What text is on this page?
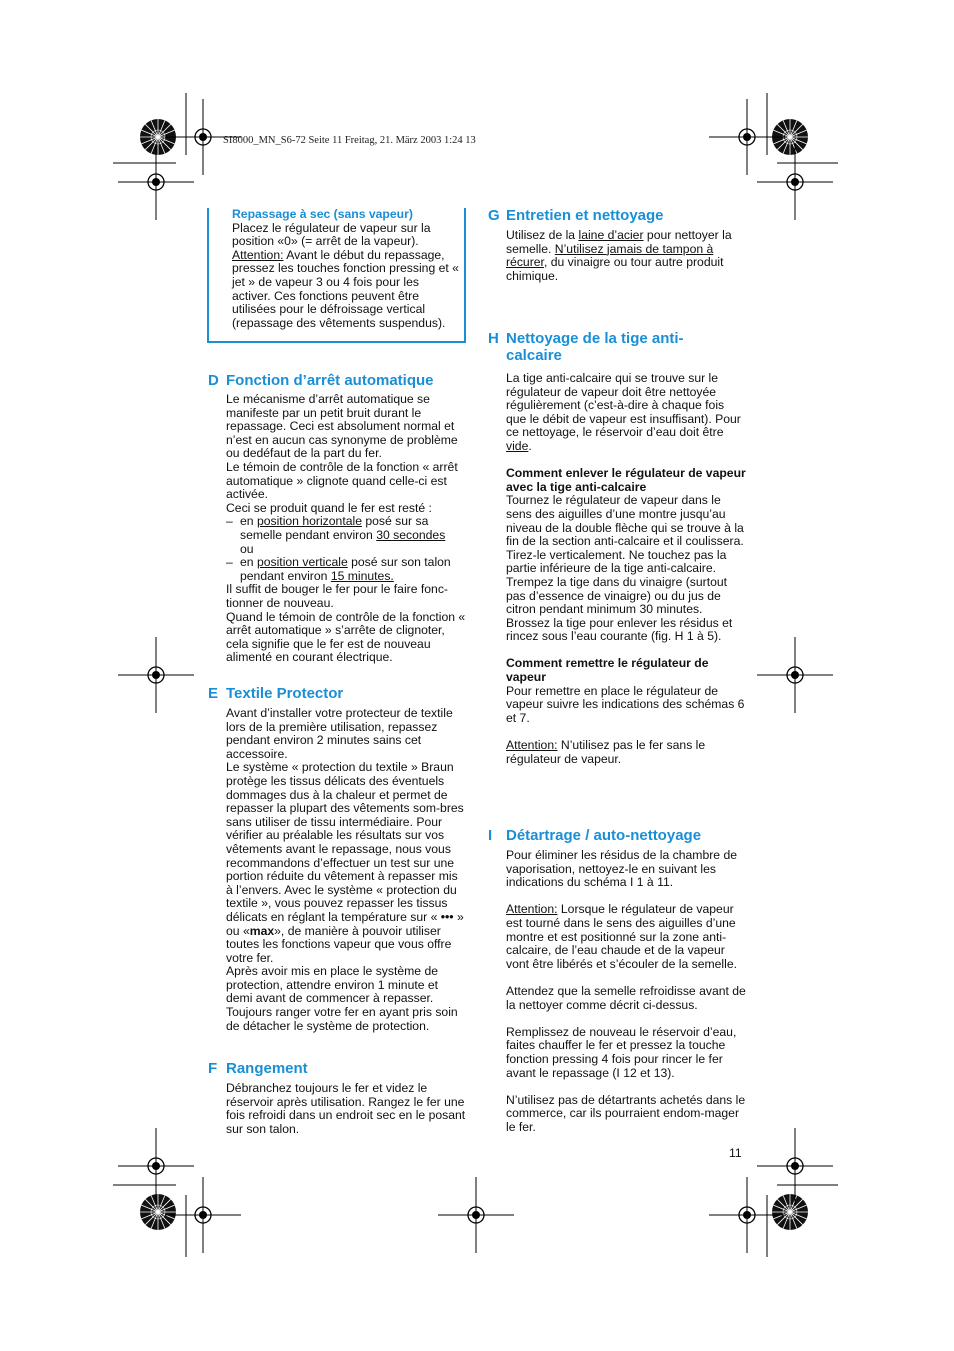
SI8000_MN_S6-72 Seite 11 Freitag, 21. März 2003 1:24 13
Repassage à sec (sans vapeur)

Placez le régulateur de vapeur sur la position «0» (= arrêt de la vapeur).

Attention: Avant le début du repassage, pressez les touches fonction pressing et « jet » de vapeur 3 ou 4 fois pour les activer. Ces fonctions peuvent être utilisées pour le défroissage vertical (repassage des vêtements suspendus).

D Fonction d’arrêt automatique

Le mécanisme d’arrêt automatique se manifeste par un petit bruit durant le repassage. Ceci est absolument normal et n’est en aucun cas synonyme de problème ou dedéfaut de la part du fer.

Le témoin de contrôle de la fonction « arrêt automatique » clignote quand celle-ci est activée.

Ceci se produit quand le fer est resté :

– en position horizontale posé sur sa semelle pendant environ 30 secondes
ou
– en position verticale posé sur son talon pendant environ 15 minutes.

Il suffit de bouger le fer pour le faire fonc-tionner de nouveau.

Quand le témoin de contrôle de la fonction « arrêt automatique » s’arrête de clignoter, cela signifie que le fer est de nouveau alimenté en courant électrique.

E Textile Protector

Avant d’installer votre protecteur de textile lors de la première utilisation, repassez pendant environ 2 minutes sains cet accessoire.

Le système « protection du textile » Braun protège les tissus délicats des éventuels dommages dus à la chaleur et permet de repasser la plupart des vêtements som-bres sans utiliser de tissu intermédiaire. Pour vérifier au préalable les résultats sur vos vêtements avant le repassage, nous vous recommandons d’effectuer un test sur une portion réduite du vêtement à repasser mis à l’envers. Avec le système « protection du textile », vous pouvez repasser les tissus délicats en réglant la température sur « ••• » ou «max», de manière à pouvoir utiliser toutes les fonctions vapeur que vous offre votre fer.

Après avoir mis en place le système de protection, attendre environ 1 minute et demi avant de commencer à repasser.

Toujours ranger votre fer en ayant pris soin de détacher le système de protection.

F Rangement

Débranchez toujours le fer et videz le réservoir après utilisation. Rangez le fer une fois refroidi dans un endroit sec en le posant sur son talon.

G Entretien et nettoyage

Utilisez de la laine d’acier pour nettoyer la semelle. N’utilisez jamais de tampon à récurer, du vinaigre ou tour autre produit chimique.

H Nettoyage de la tige anti-calcaire

La tige anti-calcaire qui se trouve sur le régulateur de vapeur doit être nettoyée régulièrement (c’est-à-dire à chaque fois que le débit de vapeur est insuffisant). Pour ce nettoyage, le réservoir d’eau doit être vide.

Comment enlever le régulateur de vapeur avec la tige anti-calcaire

Tournez le régulateur de vapeur dans le sens des aiguilles d’une montre jusqu’au niveau de la double flèche qui se trouve à la fin de la section anti-calcaire et il coulissera. Tirez-le verticalement. Ne touchez pas la partie inférieure de la tige anti-calcaire. Trempez la tige dans du vinaigre (surtout pas d’essence de vinaigre) ou du jus de citron pendant minimum 30 minutes. Brossez la tige pour enlever les résidus et rincez sous l’eau courante (fig. H 1 à 5).

Comment remettre le régulateur de vapeur

Pour remettre en place le régulateur de vapeur suivre les indications des schémas 6 et 7.

Attention: N’utilisez pas le fer sans le régulateur de vapeur.

I Détartrage / auto-nettoyage

Pour éliminer les résidus de la chambre de vaporisation, nettoyez-le en suivant les indications du schéma I 1 à 11.

Attention: Lorsque le régulateur de vapeur est tourné dans le sens des aiguilles d’une montre et est positionné sur la zone anti-calcaire, de l’eau chaude et de la vapeur vont être libérés et s’écouler de la semelle.

Attendez que la semelle refroidisse avant de la nettoyer comme décrit ci-dessus.

Remplissez de nouveau le réservoir d’eau, faites chauffer le fer et pressez la touche fonction pressing 4 fois pour rincer le fer avant le repassage (I 12 et 13).

N’utilisez pas de détartrants achetés dans le commerce, car ils pourraient endom-mager le fer.

11
